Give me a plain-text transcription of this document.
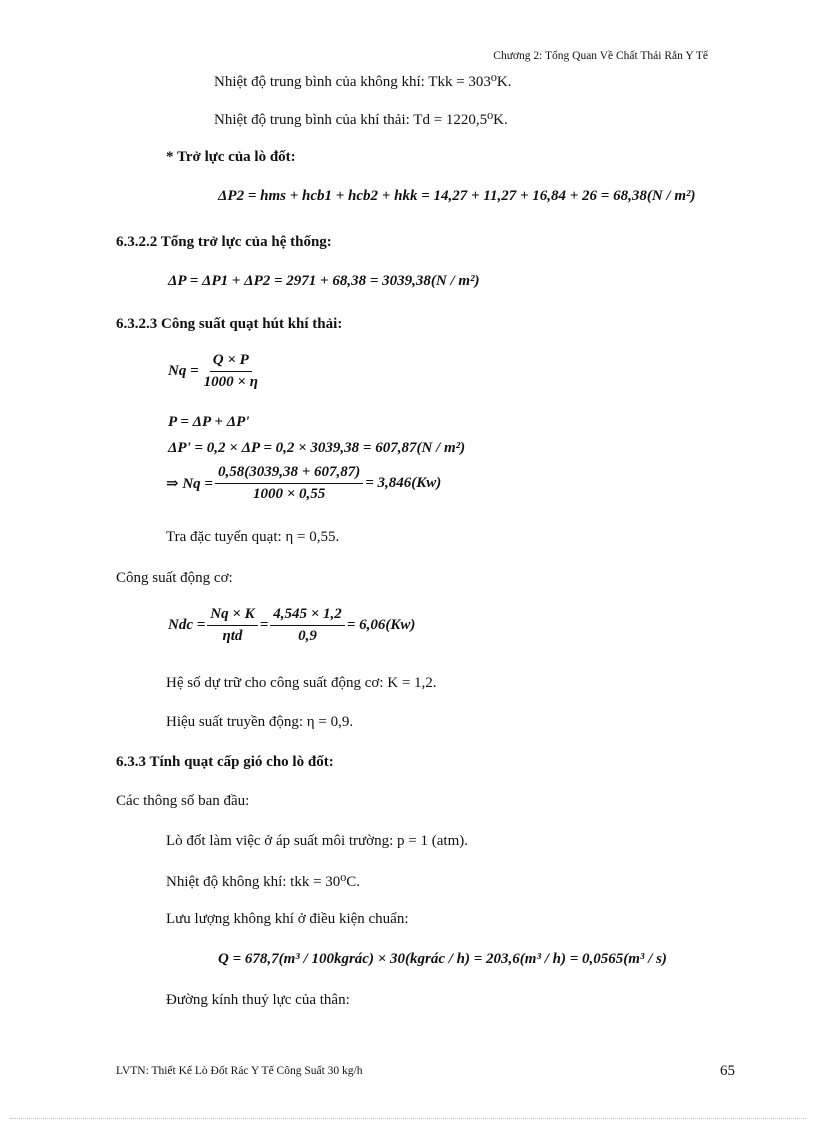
Chương 2: Tổng Quan Về Chất Thải Rắn Y Tế
Nhiệt độ trung bình của không khí: Tkk = 303⁰K.
Nhiệt độ trung bình của khí thải: Td = 1220,5⁰K.
* Trở lực của lò đốt:
ΔP2 = hms + hcb1 + hcb2 + hkk = 14,27 + 11,27 + 16,84 + 26 = 68,38(N / m²)
6.3.2.2 Tổng trở lực của hệ thống:
ΔP = ΔP1 + ΔP2 = 2971 + 68,38 = 3039,38(N / m²)
6.3.2.3 Công suất quạt hút khí thải:
$Nq = \frac{Q \times P}{1000 \times \eta}$
P = ΔP + ΔP'
ΔP' = 0,2 × ΔP = 0,2 × 3039,38 = 607,87(N / m²)
⇒ $Nq = \frac{0,58(3039,38 + 607,87)}{1000 \times 0,55} = 3,846(Kw)$
Tra đặc tuyến quạt: η = 0,55.
Công suất động cơ:
Ndc = $\frac{Nq \times K}{\text{ηtd}} = \frac{4,545 \times 1,2}{0,9} = 6,06(Kw)$
Hệ số dự trữ cho công suất động cơ: K = 1,2.
Hiệu suất truyền động: η = 0,9.
6.3.3 Tính quạt cấp gió cho lò đốt:
Các thông số ban đầu:
Lò đốt làm việc ở áp suất môi trường: p = 1 (atm).
Nhiệt độ không khí: tkk = 30⁰C.
Lưu lượng không khí ở điều kiện chuẩn:
Q = 678,7(m³ / 100kgrác) × 30(kgrác / h) = 203,6(m³ / h) = 0,0565(m³ / s)
Đường kính thuỷ lực của thân:
LVTN: Thiết Kế Lò Đốt Rác Y Tế Công Suất 30 kg/h	65
